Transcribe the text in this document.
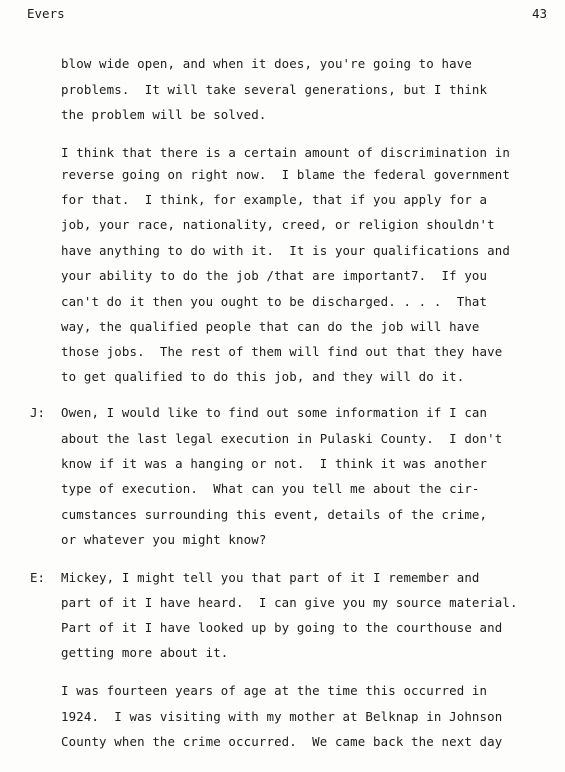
Evers	43
blow wide open, and when it does, you're going to have
problems.  It will take several generations, but I think
the problem will be solved.
I think that there is a certain amount of discrimination in
reverse going on right now.  I blame the federal government
for that.  I think, for example, that if you apply for a
job, your race, nationality, creed, or religion shouldn't
have anything to do with it.  It is your qualifications and
your ability to do the job /that are important7.  If you
can't do it then you ought to be discharged. . . .  That
way, the qualified people that can do the job will have
those jobs.  The rest of them will find out that they have
to get qualified to do this job, and they will do it.
J: Owen, I would like to find out some information if I can
about the last legal execution in Pulaski County.  I don't
know if it was a hanging or not.  I think it was another
type of execution.  What can you tell me about the cir-
cumstances surrounding this event, details of the crime,
or whatever you might know?
E: Mickey, I might tell you that part of it I remember and
part of it I have heard.  I can give you my source material.
Part of it I have looked up by going to the courthouse and
getting more about it.
I was fourteen years of age at the time this occurred in
1924.  I was visiting with my mother at Belknap in Johnson
County when the crime occurred.  We came back the next day
